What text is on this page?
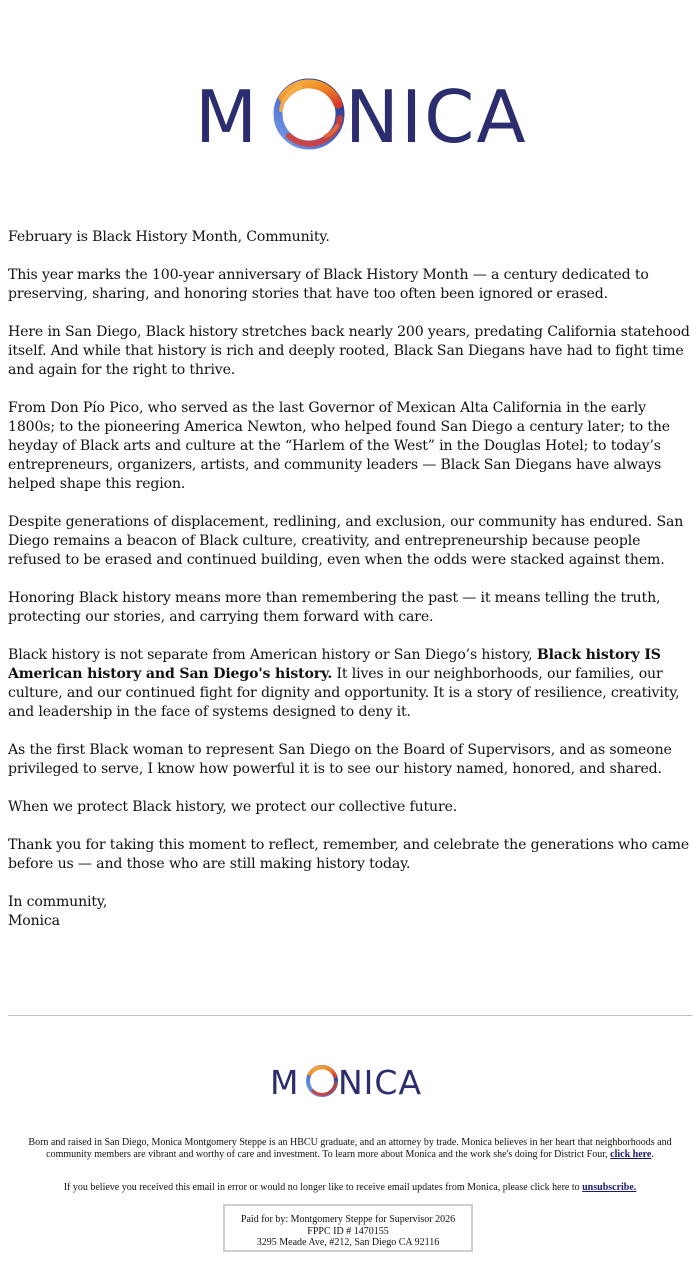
M NICA

February is Black History Month, Community.

This year marks the 100-year anniversary of Black History Month — a century dedicated to preserving, sharing, and honoring stories that have too often been ignored or erased.

Here in San Diego, Black history stretches back nearly 200 years, predating California statehood itself. And while that history is rich and deeply rooted, Black San Diegans have had to fight time and again for the right to thrive.

From Don Pío Pico, who served as the last Governor of Mexican Alta California in the early 1800s; to the pioneering America Newton, who helped found San Diego a century later; to the heyday of Black arts and culture at the “Harlem of the West” in the Douglas Hotel; to today’s entrepreneurs, organizers, artists, and community leaders — Black San Diegans have always helped shape this region.

Despite generations of displacement, redlining, and exclusion, our community has endured. San Diego remains a beacon of Black culture, creativity, and entrepreneurship because people refused to be erased and continued building, even when the odds were stacked against them.

Honoring Black history means more than remembering the past — it means telling the truth, protecting our stories, and carrying them forward with care.

Black history is not separate from American history or San Diego’s history, Black history IS American history and San Diego's history. It lives in our neighborhoods, our families, our culture, and our continued fight for dignity and opportunity. It is a story of resilience, creativity, and leadership in the face of systems designed to deny it.

As the first Black woman to represent San Diego on the Board of Supervisors, and as someone privileged to serve, I know how powerful it is to see our history named, honored, and shared.

When we protect Black history, we protect our collective future.

Thank you for taking this moment to reflect, remember, and celebrate the generations who came before us — and those who are still making history today.

In community,
Monica

M NICA
Born and raised in San Diego, Monica Montgomery Steppe is an HBCU graduate, and an attorney by trade. Monica believes in her heart that neighborhoods and community members are vibrant and worthy of care and investment. To learn more about Monica and the work she's doing for District Four, click here.
If you believe you received this email in error or would no longer like to receive email updates from Monica, please click here to unsubscribe.
Paid for by: Montgomery Steppe for Supervisor 2026
FPPC ID # 1470155
3295 Meade Ave, #212, San Diego CA 92116
